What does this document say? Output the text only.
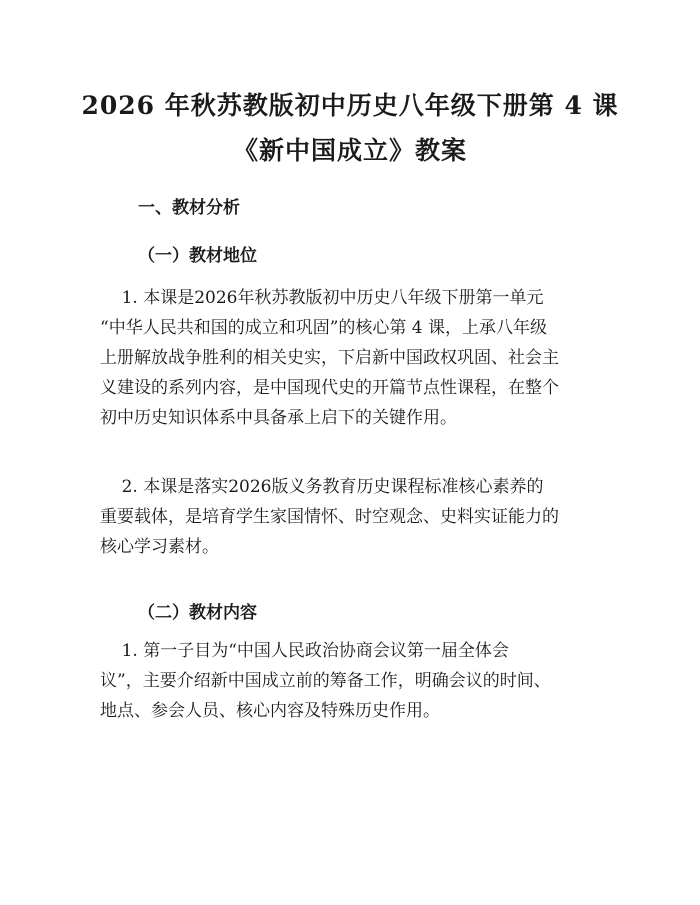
2026 年秋苏教版初中历史八年级下册第 4 课
《新中国成立》教案
一、教材分析
（一）教材地位

1. 本课是2026年秋苏教版初中历史八年级下册第一单元
“中华人民共和国的成立和巩固”的核心第 4 课，上承八年级
上册解放战争胜利的相关史实，下启新中国政权巩固、社会主
义建设的系列内容，是中国现代史的开篇节点性课程，在整个
初中历史知识体系中具备承上启下的关键作用。

2. 本课是落实2026版义务教育历史课程标准核心素养的
重要载体，是培育学生家国情怀、时空观念、史料实证能力的
核心学习素材。

（二）教材内容

1. 第一子目为“中国人民政治协商会议第一届全体会
议”，主要介绍新中国成立前的筹备工作，明确会议的时间、
地点、参会人员、核心内容及特殊历史作用。
